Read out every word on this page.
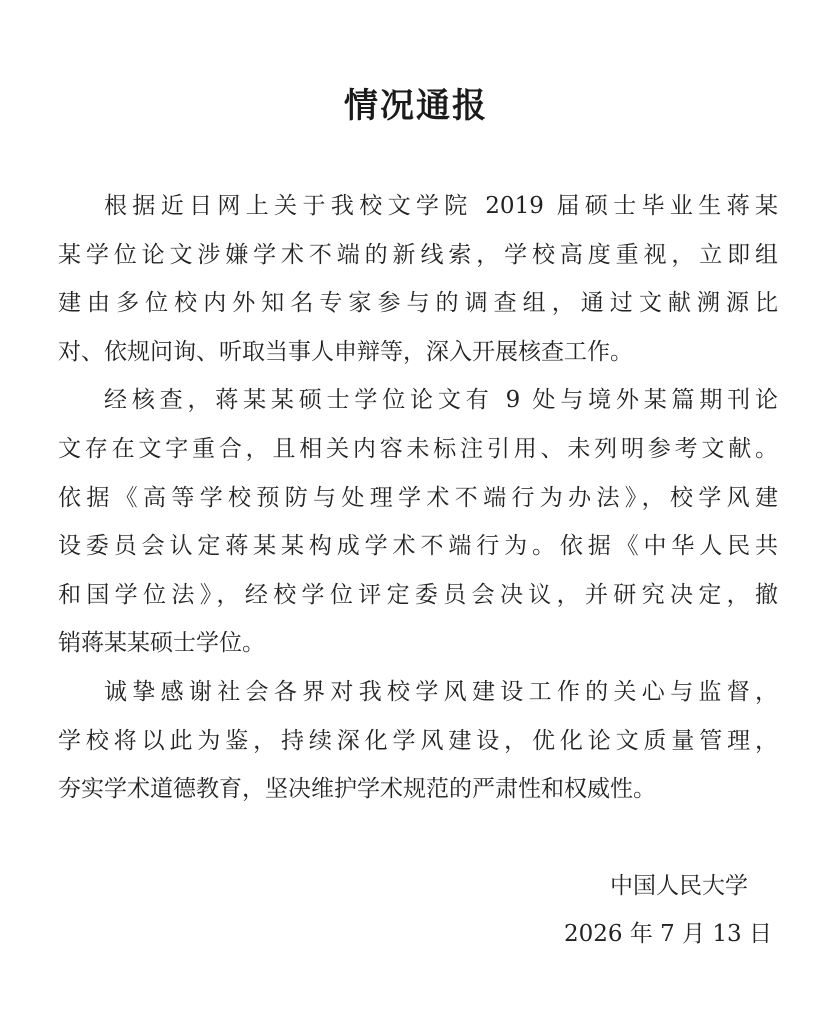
情况通报
根据近日网上关于我校文学院 2019 届硕士毕业生蒋某
某学位论文涉嫌学术不端的新线索，学校高度重视，立即组
建由多位校内外知名专家参与的调查组，通过文献溯源比
对、依规问询、听取当事人申辩等，深入开展核查工作。
经核查，蒋某某硕士学位论文有 9 处与境外某篇期刊论
文存在文字重合，且相关内容未标注引用、未列明参考文献。
依据《高等学校预防与处理学术不端行为办法》，校学风建
设委员会认定蒋某某构成学术不端行为。依据《中华人民共
和国学位法》，经校学位评定委员会决议，并研究决定，撤
销蒋某某硕士学位。
诚挚感谢社会各界对我校学风建设工作的关心与监督，
学校将以此为鉴，持续深化学风建设，优化论文质量管理，
夯实学术道德教育，坚决维护学术规范的严肃性和权威性。
中国人民大学
2026 年 7 月 13 日
